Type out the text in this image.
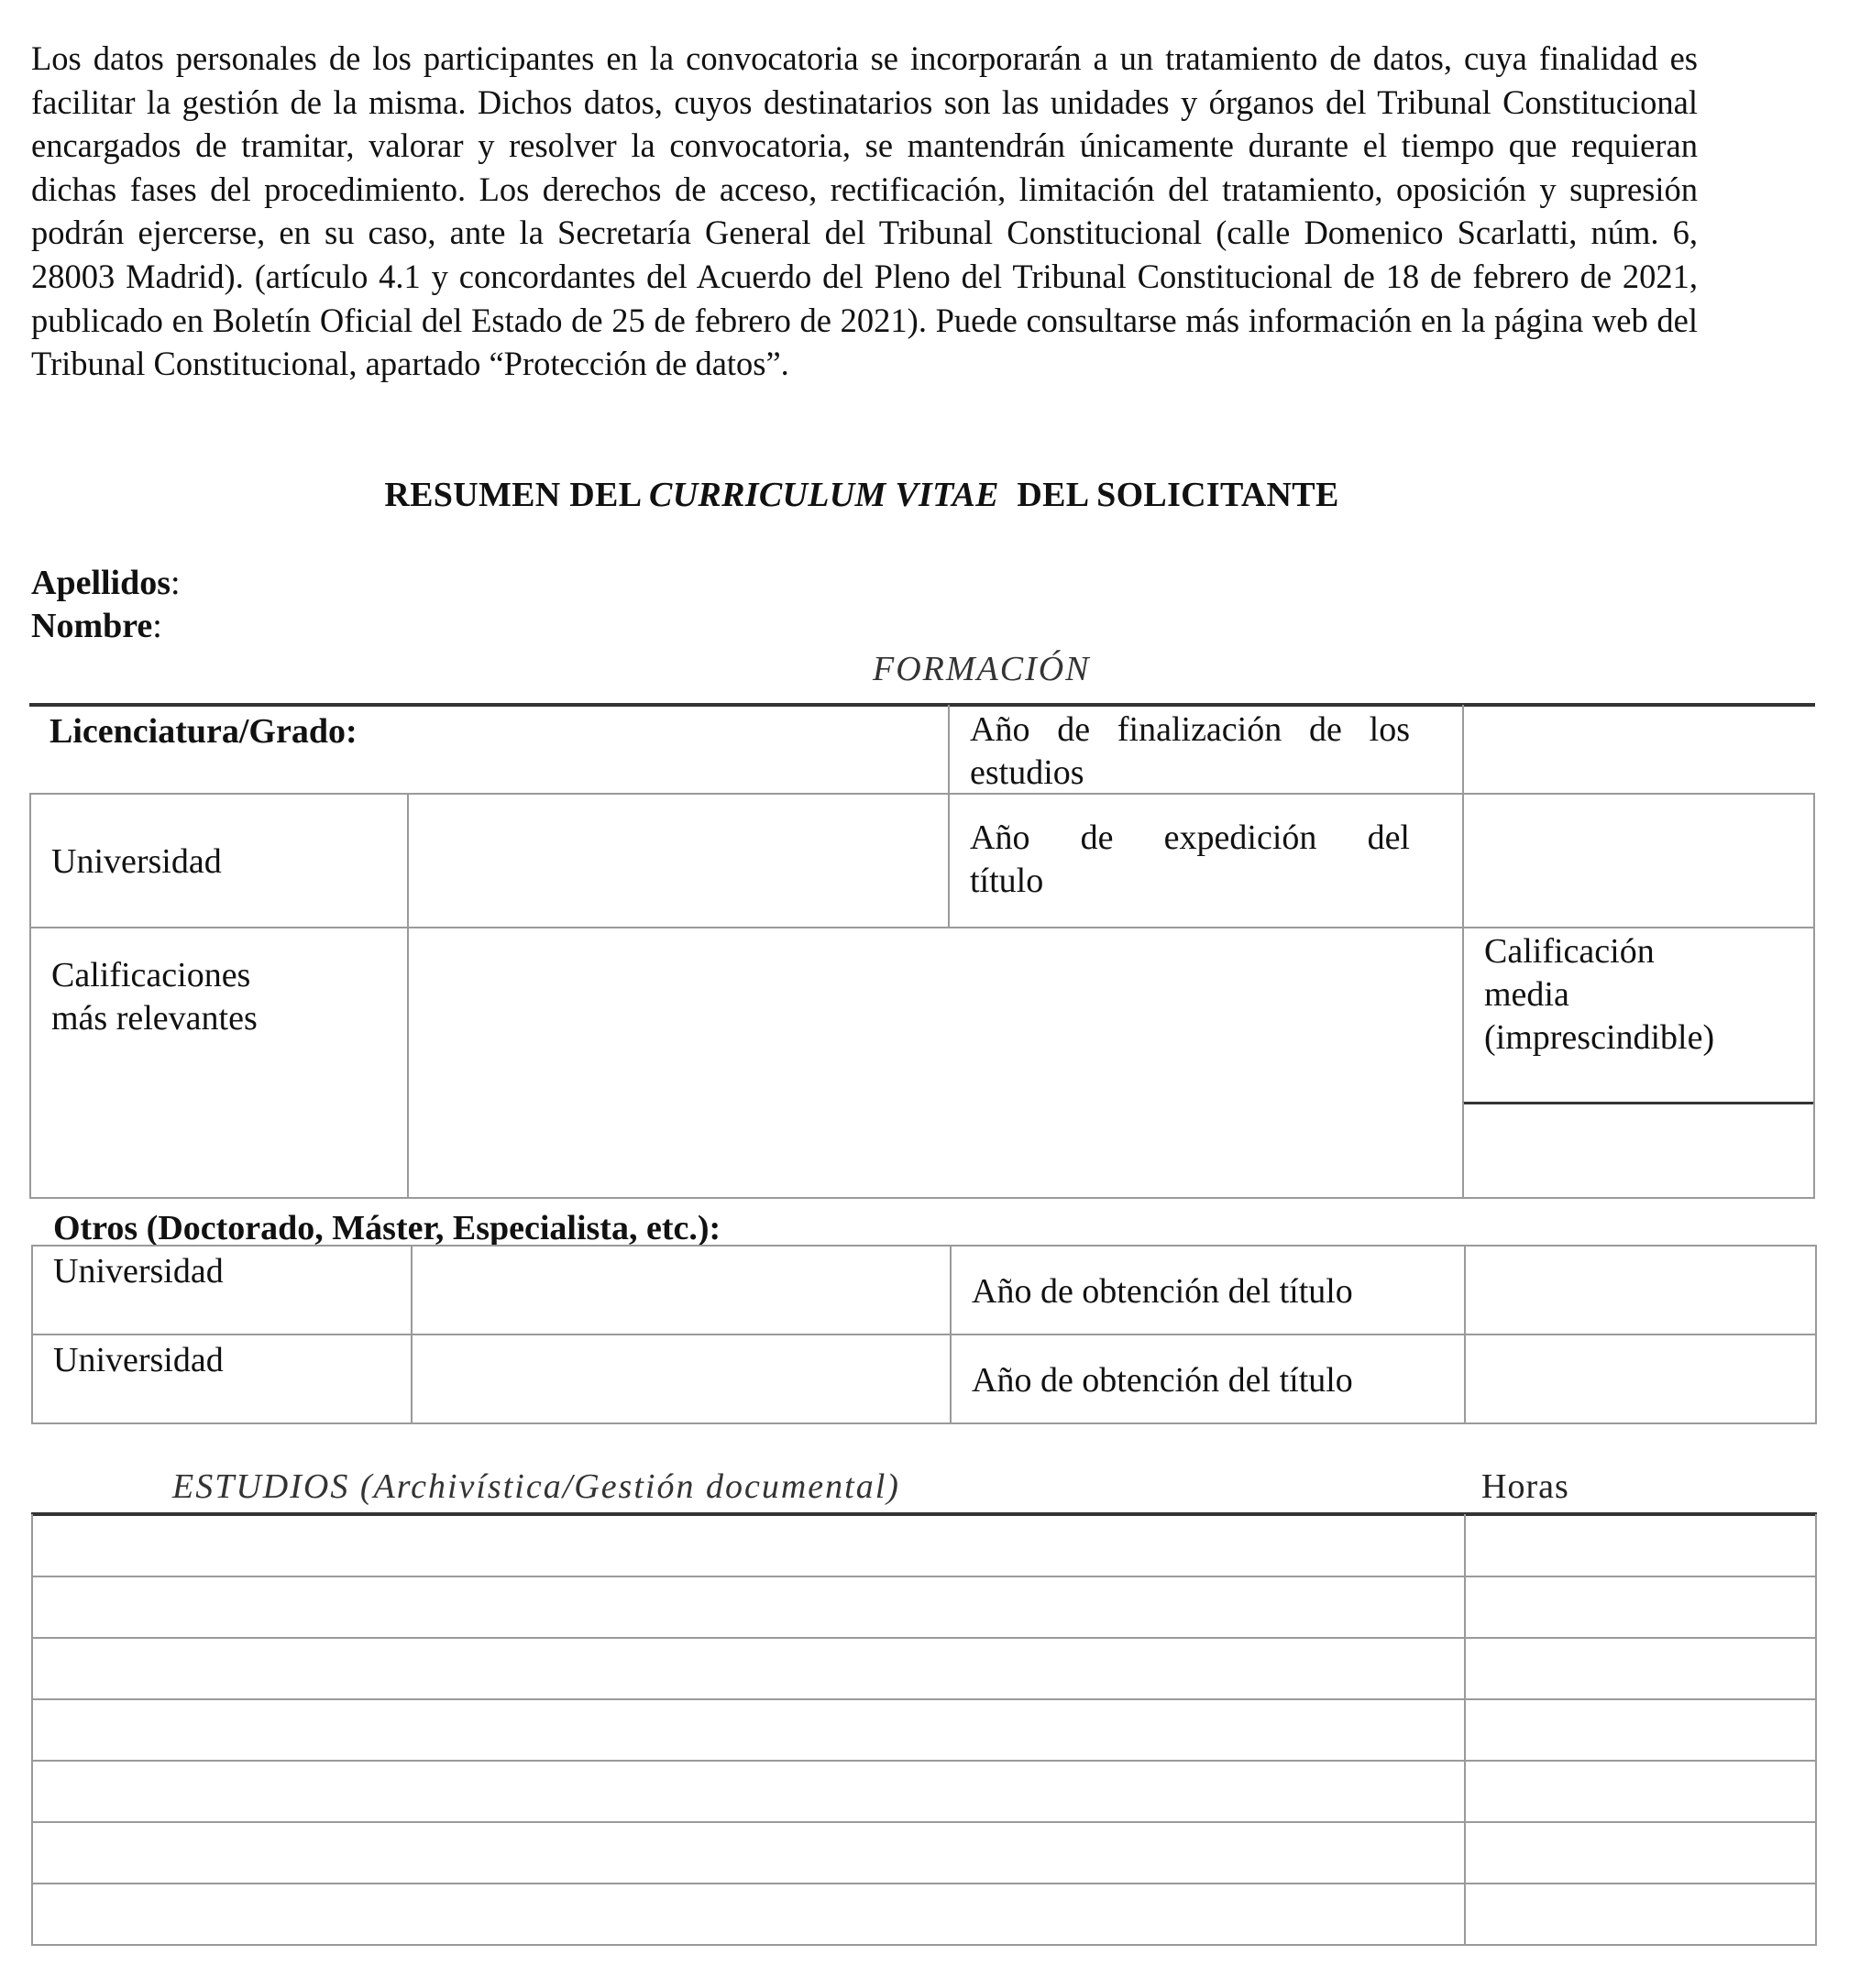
Los datos personales de los participantes en la convocatoria se incorporarán a un tratamiento de datos, cuya finalidad es facilitar la gestión de la misma. Dichos datos, cuyos destinatarios son las unidades y órganos del Tribunal Constitucional encargados de tramitar, valorar y resolver la convocatoria, se mantendrán únicamente durante el tiempo que requieran dichas fases del procedimiento. Los derechos de acceso, rectificación, limitación del tratamiento, oposición y supresión podrán ejercerse, en su caso, ante la Secretaría General del Tribunal Constitucional (calle Domenico Scarlatti, núm. 6, 28003 Madrid). (artículo 4.1 y concordantes del Acuerdo del Pleno del Tribunal Constitucional de 18 de febrero de 2021, publicado en Boletín Oficial del Estado de 25 de febrero de 2021). Puede consultarse más información en la página web del Tribunal Constitucional, apartado “Protección de datos”.

RESUMEN DEL CURRICULUM VITAE  DEL SOLICITANTE
Apellidos:
Nombre:
FORMACIÓN
Licenciatura/Grado:	Año de finalización de los
estudios
Universidad
Año de expedición del
título
Calificaciones
más relevantes
Calificación
media
(imprescindible)
Otros (Doctorado, Máster, Especialista, etc.):
Universidad
Año de obtención del título
Universidad
Año de obtención del título
ESTUDIOS (Archivística/Gestión documental)	Horas
